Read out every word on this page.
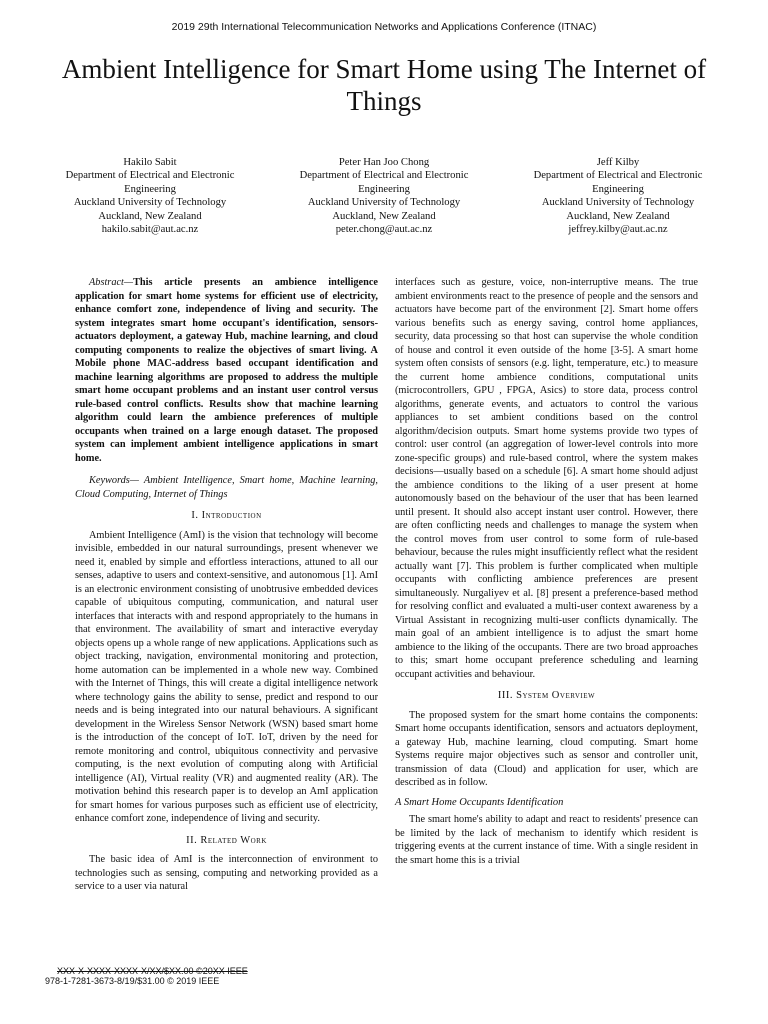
2019 29th International Telecommunication Networks and Applications Conference (ITNAC)
Ambient Intelligence for Smart Home using The Internet of Things
Hakilo Sabit
Department of Electrical and Electronic Engineering
Auckland University of Technology
Auckland, New Zealand
hakilo.sabit@aut.ac.nz
Peter Han Joo Chong
Department of Electrical and Electronic Engineering
Auckland University of Technology
Auckland, New Zealand
peter.chong@aut.ac.nz
Jeff Kilby
Department of Electrical and Electronic Engineering
Auckland University of Technology
Auckland, New Zealand
jeffrey.kilby@aut.ac.nz

Abstract—This article presents an ambience intelligence application for smart home systems for efficient use of electricity, enhance comfort zone, independence of living and security. The system integrates smart home occupant's identification, sensors-actuators deployment, a gateway Hub, machine learning, and cloud computing components to realize the objectives of smart living. A Mobile phone MAC-address based occupant identification and machine learning algorithms are proposed to address the multiple smart home occupant problems and an instant user control versus rule-based control conflicts. Results show that machine learning algorithm could learn the ambience preferences of multiple occupants when trained on a large enough dataset. The proposed system can implement ambient intelligence applications in smart home.

Keywords— Ambient Intelligence, Smart home, Machine learning, Cloud Computing, Internet of Things

I. Introduction

Ambient Intelligence (AmI) is the vision that technology will become invisible, embedded in our natural surroundings, present whenever we need it, enabled by simple and effortless interactions, attuned to all our senses, adaptive to users and context-sensitive, and autonomous [1]. AmI is an electronic environment consisting of unobtrusive embedded devices capable of ubiquitous computing, communication, and natural user interfaces that interacts with and respond appropriately to the humans in that environment. The availability of smart and interactive everyday objects opens up a whole range of new applications. Applications such as object tracking, navigation, environmental monitoring and protection, home automation can be implemented in a whole new way. Combined with the Internet of Things, this will create a digital intelligence network where technology gains the ability to sense, predict and respond to our needs and is being integrated into our natural behaviours. A significant development in the Wireless Sensor Network (WSN) based smart home is the introduction of the concept of IoT. IoT, driven by the need for remote monitoring and control, ubiquitous connectivity and pervasive computing, is the next evolution of computing along with Artificial intelligence (AI), Virtual reality (VR) and augmented reality (AR). The motivation behind this research paper is to develop an AmI application for smart homes for various purposes such as efficient use of electricity, enhance comfort zone, independence of living and security.

II. Related Work

The basic idea of AmI is the interconnection of environment to technologies such as sensing, computing and networking provided as a service to a user via natural

interfaces such as gesture, voice, non-interruptive means. The true ambient environments react to the presence of people and the sensors and actuators have become part of the environment [2]. Smart home offers various benefits such as energy saving, control home appliances, security, data processing so that host can supervise the whole condition of house and control it even outside of the home [3-5]. A smart home system often consists of sensors (e.g. light, temperature, etc.) to measure the current home ambience conditions, computational units (microcontrollers, GPU , FPGA, Asics) to store data, process control algorithms, generate events, and actuators to control the various appliances to set ambient conditions based on the control algorithm/decision outputs. Smart home systems provide two types of control: user control (an aggregation of lower-level controls into more zone-specific groups) and rule-based control, where the system makes decisions—usually based on a schedule [6]. A smart home should adjust the ambience conditions to the liking of a user present at home autonomously based on the behaviour of the user that has been learned until present. It should also accept instant user control. However, there are often conflicting needs and challenges to manage the system when the control moves from user control to some form of rule-based behaviour, because the rules might insufficiently reflect what the resident actually want [7]. This problem is further complicated when multiple occupants with conflicting ambience preferences are present simultaneously. Nurgaliyev et al. [8] present a preference-based method for resolving conflict and evaluated a multi-user context awareness by a Virtual Assistant in recognizing multi-user conflicts dynamically. The main goal of an ambient intelligence is to adjust the smart home ambience to the liking of the occupants. There are two broad approaches to this; smart home occupant preference scheduling and learning occupant activities and behaviour.

III. System Overview

The proposed system for the smart home contains the components: Smart home occupants identification, sensors and actuators deployment, a gateway Hub, machine learning, cloud computing. Smart home Systems require major objectives such as sensor and controller unit, transmission of data (Cloud) and application for user, which are described as in follow.

A Smart Home Occupants Identification

The smart home's ability to adapt and react to residents' presence can be limited by the lack of mechanism to identify which resident is triggering events at the current instance of time. With a single resident in the smart home this is a trivial

XXX-X-XXXX-XXXX-X/XX/$XX.00 ©20XX IEEE
978-1-7281-3673-8/19/$31.00 © 2019 IEEE
